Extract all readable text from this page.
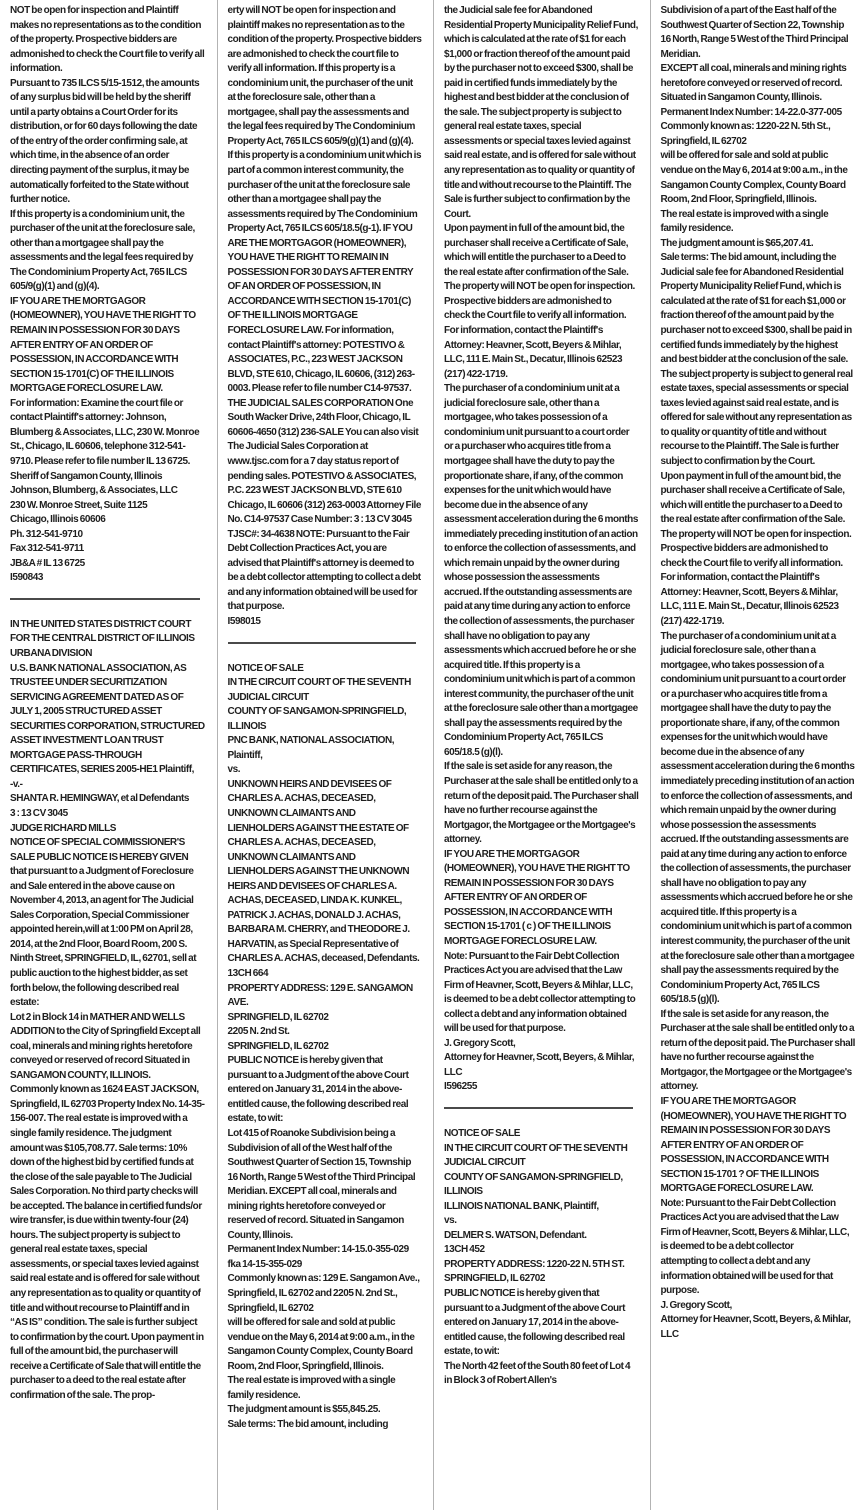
NOT be open for inspection and Plaintiff makes no representations as to the condition of the property. Prospective bidders are admonished to check the Court file to verify all information.

Pursuant to 735 ILCS 5/15-1512, the amounts of any surplus bid will be held by the sheriff until a party obtains a Court Order for its distribution, or for 60 days following the date of the entry of the order confirming sale, at which time, in the absence of an order directing payment of the surplus, it may be automatically forfeited to the State without further notice.

If this property is a condominium unit, the purchaser of the unit at the foreclosure sale, other than a mortgagee shall pay the assessments and the legal fees required by The Condominium Property Act, 765 ILCS 605/9(g)(1) and (g)(4).

IF YOU ARE THE MORTGAGOR (HOMEOWNER), YOU HAVE THE RIGHT TO REMAIN IN POSSESSION FOR 30 DAYS AFTER ENTRY OF AN ORDER OF POSSESSION, IN ACCORDANCE WITH SECTION 15-1701(C) OF THE ILLINOIS MORTGAGE FORECLOSURE LAW.

For information: Examine the court file or contact Plaintiff's attorney: Johnson, Blumberg & Associates, LLC, 230 W. Monroe St., Chicago, IL 60606, telephone 312-541-9710. Please refer to file number IL 13 6725.

Sheriff of Sangamon County, Illinois

Johnson, Blumberg, & Associates, LLC

230 W. Monroe Street, Suite 1125

Chicago, Illinois 60606

Ph. 312-541-9710

Fax 312-541-9711

JB&A # IL 13 6725

I590843

IN THE UNITED STATES DISTRICT COURT FOR THE CENTRAL DISTRICT OF ILLINOIS URBANA DIVISION

U.S. BANK NATIONAL ASSOCIATION, AS TRUSTEE UNDER SECURITIZATION SERVICING AGREEMENT DATED AS OF JULY 1, 2005 STRUCTURED ASSET SECURITIES CORPORATION, STRUCTURED ASSET INVESTMENT LOAN TRUST MORTGAGE PASS-THROUGH CERTIFICATES, SERIES 2005-HE1 Plaintiff,

-v.-

SHANTA R. HEMINGWAY, et al Defendants

3 : 13 CV 3045

JUDGE RICHARD MILLS

NOTICE OF SPECIAL COMMISSIONER'S SALE PUBLIC NOTICE IS HEREBY GIVEN that pursuant to a Judgment of Foreclosure and Sale entered in the above cause on November 4, 2013, an agent for The Judicial Sales Corporation, Special Commissioner appointed herein,will at 1:00 PM on April 28, 2014, at the 2nd Floor, Board Room, 200 S. Ninth Street, SPRINGFIELD, IL, 62701, sell at public auction to the highest bidder, as set forth below, the following described real estate:

Lot 2 in Block 14 in MATHER AND WELLS ADDITION to the City of Springfield Except all coal, minerals and mining rights heretofore conveyed or reserved of record Situated in SANGAMON COUNTY, ILLINOIS.

Commonly known as 1624 EAST JACKSON, Springfield, IL 62703 Property Index No. 14-35-156-007. The real estate is improved with a single family residence. The judgment amount was $105,708.77. Sale terms: 10% down of the highest bid by certified funds at the close of the sale payable to The Judicial Sales Corporation. No third party checks will be accepted. The balance in certified funds/or wire transfer, is due within twenty-four (24) hours. The subject property is subject to general real estate taxes, special assessments, or special taxes levied against said real estate and is offered for sale without any representation as to quality or quantity of title and without recourse to Plaintiff and in “AS IS” condition. The sale is further subject to confirmation by the court. Upon payment in full of the amount bid, the purchaser will receive a Certificate of Sale that will entitle the purchaser to a deed to the real estate after confirmation of the sale. The prop-

erty will NOT be open for inspection and plaintiff makes no representation as to the condition of the property. Prospective bidders are admonished to check the court file to verify all information. If this property is a condominium unit, the purchaser of the unit at the foreclosure sale, other than a mortgagee, shall pay the assessments and the legal fees required by The Condominium Property Act, 765 ILCS 605/9(g)(1) and (g)(4).

If this property is a condominium unit which is part of a common interest community, the purchaser of the unit at the foreclosure sale other than a mortgagee shall pay the assessments required by The Condominium Property Act, 765 ILCS 605/18.5(g-1). IF YOU ARE THE MORTGAGOR (HOMEOWNER), YOU HAVE THE RIGHT TO REMAIN IN POSSESSION FOR 30 DAYS AFTER ENTRY OF AN ORDER OF POSSESSION, IN ACCORDANCE WITH SECTION 15-1701(C) OF THE ILLINOIS MORTGAGE FORECLOSURE LAW. For information, contact Plaintiff's attorney: POTESTIVO & ASSOCIATES, P.C., 223 WEST JACKSON BLVD, STE 610, Chicago, IL 60606, (312) 263-0003. Please refer to file number C14-97537. THE JUDICIAL SALES CORPORATION One South Wacker Drive, 24th Floor, Chicago, IL 60606-4650 (312) 236-SALE You can also visit The Judicial Sales Corporation at www.tjsc.com for a 7 day status report of pending sales. POTESTIVO & ASSOCIATES, P.C. 223 WEST JACKSON BLVD, STE 610 Chicago, IL 60606 (312) 263-0003 Attorney File No. C14-97537 Case Number: 3 : 13 CV 3045 TJSC#: 34-4638 NOTE: Pursuant to the Fair Debt Collection Practices Act, you are advised that Plaintiff's attorney is deemed to be a debt collector attempting to collect a debt and any information obtained will be used for that purpose.

I598015

NOTICE OF SALE

IN THE CIRCUIT COURT OF THE SEVENTH JUDICIAL CIRCUIT

COUNTY OF SANGAMON-SPRINGFIELD, ILLINOIS

PNC BANK, NATIONAL ASSOCIATION, Plaintiff,

vs.

UNKNOWN HEIRS AND DEVISEES OF CHARLES A. ACHAS, DECEASED, UNKNOWN CLAIMANTS AND LIENHOLDERS AGAINST THE ESTATE OF CHARLES A. ACHAS, DECEASED, UNKNOWN CLAIMANTS AND LIENHOLDERS AGAINST THE UNKNOWN HEIRS AND DEVISEES OF CHARLES A. ACHAS, DECEASED, LINDA K. KUNKEL, PATRICK J. ACHAS, DONALD J. ACHAS, BARBARA M. CHERRY, and THEODORE J. HARVATIN, as Special Representative of CHARLES A. ACHAS, deceased, Defendants.

13CH 664

PROPERTY ADDRESS: 129 E. SANGAMON AVE.

SPRINGFIELD, IL 62702

2205 N. 2nd St.

SPRINGFIELD, IL 62702

PUBLIC NOTICE is hereby given that pursuant to a Judgment of the above Court entered on January 31, 2014 in the above-entitled cause, the following described real estate, to wit:

Lot 415 of Roanoke Subdivision being a Subdivision of all of the West half of the Southwest Quarter of Section 15, Township 16 North, Range 5 West of the Third Principal Meridian. EXCEPT all coal, minerals and mining rights heretofore conveyed or reserved of record. Situated in Sangamon County, Illinois.

Permanent Index Number: 14-15.0-355-029 fka 14-15-355-029

Commonly known as: 129 E. Sangamon Ave., Springfield, IL 62702 and 2205 N. 2nd St., Springfield, IL 62702

will be offered for sale and sold at public vendue on the May 6, 2014 at 9:00 a.m., in the Sangamon County Complex, County Board Room, 2nd Floor, Springfield, Illinois.

The real estate is improved with a single family residence.

The judgment amount is $55,845.25.

Sale terms: The bid amount, including

the Judicial sale fee for Abandoned Residential Property Municipality Relief Fund, which is calculated at the rate of $1 for each $1,000 or fraction thereof of the amount paid by the purchaser not to exceed $300, shall be paid in certified funds immediately by the highest and best bidder at the conclusion of the sale. The subject property is subject to general real estate taxes, special assessments or special taxes levied against said real estate, and is offered for sale without any representation as to quality or quantity of title and without recourse to the Plaintiff. The Sale is further subject to confirmation by the Court.

Upon payment in full of the amount bid, the purchaser shall receive a Certificate of Sale, which will entitle the purchaser to a Deed to the real estate after confirmation of the Sale.

The property will NOT be open for inspection. Prospective bidders are admonished to check the Court file to verify all information.

For information, contact the Plaintiff's Attorney: Heavner, Scott, Beyers & Mihlar, LLC, 111 E. Main St., Decatur, Illinois 62523 (217) 422-1719.

The purchaser of a condominium unit at a judicial foreclosure sale, other than a mortgagee, who takes possession of a condominium unit pursuant to a court order or a purchaser who acquires title from a mortgagee shall have the duty to pay the proportionate share, if any, of the common expenses for the unit which would have become due in the absence of any assessment acceleration during the 6 months immediately preceding institution of an action to enforce the collection of assessments, and which remain unpaid by the owner during whose possession the assessments accrued. If the outstanding assessments are paid at any time during any action to enforce the collection of assessments, the purchaser shall have no obligation to pay any assessments which accrued before he or she acquired title. If this property is a condominium unit which is part of a common interest community, the purchaser of the unit at the foreclosure sale other than a mortgagee shall pay the assessments required by the Condominium Property Act, 765 ILCS 605/18.5 (g)(l).

If the sale is set aside for any reason, the Purchaser at the sale shall be entitled only to a return of the deposit paid. The Purchaser shall have no further recourse against the Mortgagor, the Mortgagee or the Mortgagee's attorney.

IF YOU ARE THE MORTGAGOR (HOMEOWNER), YOU HAVE THE RIGHT TO REMAIN IN POSSESSION FOR 30 DAYS AFTER ENTRY OF AN ORDER OF POSSESSION, IN ACCORDANCE WITH SECTION 15-1701 ( c ) OF THE ILLINOIS MORTGAGE FORECLOSURE LAW.

Note: Pursuant to the Fair Debt Collection Practices Act you are advised that the Law Firm of Heavner, Scott, Beyers & Mihlar, LLC, is deemed to be a debt collector attempting to collect a debt and any information obtained will be used for that purpose.

J. Gregory Scott,

Attorney for Heavner, Scott, Beyers, & Mihlar, LLC

I596255

NOTICE OF SALE

IN THE CIRCUIT COURT OF THE SEVENTH JUDICIAL CIRCUIT

COUNTY OF SANGAMON-SPRINGFIELD, ILLINOIS

ILLINOIS NATIONAL BANK, Plaintiff,

vs.

DELMER S. WATSON, Defendant.

13CH 452

PROPERTY ADDRESS: 1220-22 N. 5TH ST.

SPRINGFIELD, IL 62702

PUBLIC NOTICE is hereby given that pursuant to a Judgment of the above Court entered on January 17, 2014 in the above-entitled cause, the following described real estate, to wit:

The North 42 feet of the South 80 feet of Lot 4 in Block 3 of Robert Allen's

Subdivision of a part of the East half of the Southwest Quarter of Section 22, Township 16 North, Range 5 West of the Third Principal Meridian.

EXCEPT all coal, minerals and mining rights heretofore conveyed or reserved of record. Situated in Sangamon County, Illinois.

Permanent Index Number: 14-22.0-377-005

Commonly known as: 1220-22 N. 5th St., Springfield, IL 62702

will be offered for sale and sold at public vendue on the May 6, 2014 at 9:00 a.m., in the Sangamon County Complex, County Board Room, 2nd Floor, Springfield, Illinois.

The real estate is improved with a single family residence.

The judgment amount is $65,207.41.

Sale terms: The bid amount, including the Judicial sale fee for Abandoned Residential Property Municipality Relief Fund, which is calculated at the rate of $1 for each $1,000 or fraction thereof of the amount paid by the purchaser not to exceed $300, shall be paid in certified funds immediately by the highest and best bidder at the conclusion of the sale. The subject property is subject to general real estate taxes, special assessments or special taxes levied against said real estate, and is offered for sale without any representation as to quality or quantity of title and without recourse to the Plaintiff. The Sale is further subject to confirmation by the Court.

Upon payment in full of the amount bid, the purchaser shall receive a Certificate of Sale, which will entitle the purchaser to a Deed to the real estate after confirmation of the Sale.

The property will NOT be open for inspection. Prospective bidders are admonished to check the Court file to verify all information.

For information, contact the Plaintiff's Attorney: Heavner, Scott, Beyers & Mihlar, LLC, 111 E. Main St., Decatur, Illinois 62523 (217) 422-1719.

The purchaser of a condominium unit at a judicial foreclosure sale, other than a mortgagee, who takes possession of a condominium unit pursuant to a court order or a purchaser who acquires title from a mortgagee shall have the duty to pay the proportionate share, if any, of the common expenses for the unit which would have become due in the absence of any assessment acceleration during the 6 months immediately preceding institution of an action to enforce the collection of assessments, and which remain unpaid by the owner during whose possession the assessments accrued. If the outstanding assessments are paid at any time during any action to enforce the collection of assessments, the purchaser shall have no obligation to pay any assessments which accrued before he or she acquired title. If this property is a condominium unit which is part of a common interest community, the purchaser of the unit at the foreclosure sale other than a mortgagee shall pay the assessments required by the Condominium Property Act, 765 ILCS 605/18.5 (g)(l).

If the sale is set aside for any reason, the Purchaser at the sale shall be entitled only to a return of the deposit paid. The Purchaser shall have no further recourse against the Mortgagor, the Mortgagee or the Mortgagee's attorney.

IF YOU ARE THE MORTGAGOR (HOMEOWNER), YOU HAVE THE RIGHT TO REMAIN IN POSSESSION FOR 30 DAYS AFTER ENTRY OF AN ORDER OF POSSESSION, IN ACCORDANCE WITH SECTION 15-1701 ? OF THE ILLINOIS MORTGAGE FORECLOSURE LAW.

Note: Pursuant to the Fair Debt Collection Practices Act you are advised that the Law Firm of Heavner, Scott, Beyers & Mihlar, LLC, is deemed to be a debt collector

attempting to collect a debt and any information obtained will be used for that purpose.

J. Gregory Scott,

Attorney for Heavner, Scott, Beyers, & Mihlar, LLC
